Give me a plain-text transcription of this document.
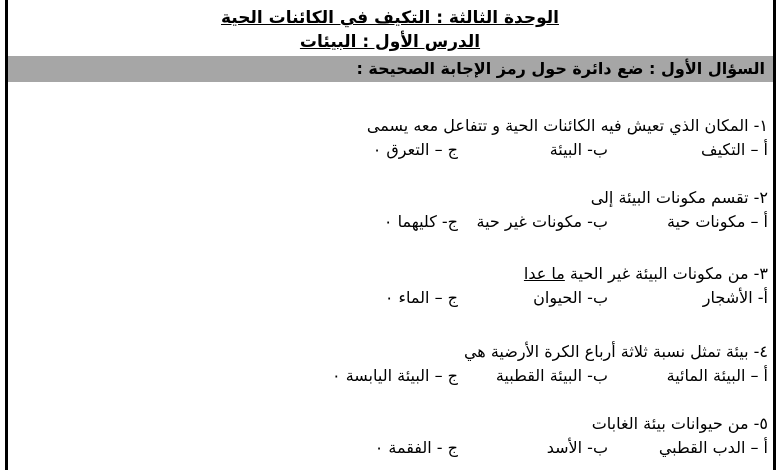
الوحدة الثالثة : التكيف في الكائنات الحية
الدرس الأول : البيئات
السؤال الأول : ضع دائرة حول رمز الإجابة الصحيحة :
١- المكان الذي تعيش فيه الكائنات الحية و تتفاعل معه يسمى
أ – التكيف
ب- البيئة
ج – التعرق ٠
٢- تقسم مكونات البيئة إلى
أ – مكونات حية
ب- مكونات غير حية
ج- كليهما ٠
٣- من مكونات البيئة غير الحية ما عدا
أ- الأشجار
ب- الحيوان
ج – الماء ٠
٤- بيئة تمثل نسبة ثلاثة أرباع الكرة الأرضية هي
أ – البيئة المائية
ب- البيئة القطبية
ج – البيئة اليابسة ٠
٥- من حيوانات بيئة الغابات
أ – الدب القطبي
ب- الأسد
ج - الفقمة ٠
